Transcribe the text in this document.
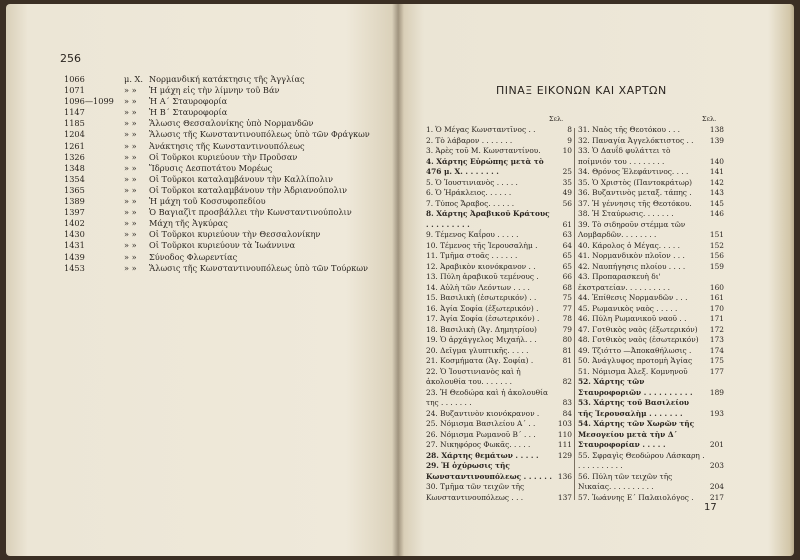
256
1066	μ. Χ. Νορμανδική κατάκτησις τῆς Ἀγγλίας
1071	» »	Ἡ μάχη εἰς τὴν λίμνην τοῦ Βάν
1096—1099	» »	Ἡ Α΄ Σταυροφορία
1147	» »	Ἡ Β΄ Σταυροφορία
1185	» »	Ἅλωσις Θεσσαλονίκης ὑπὸ Νορμανδῶν
1204	» »	Ἅλωσις τῆς Κωνσταντινουπόλεως ὑπὸ τῶν Φράγκων
1261	» »	Ἀνάκτησις τῆς Κωνσταντινουπόλεως
1326	» »	Οἱ Τοῦρκοι κυριεύουν τὴν Προῦσαν
1348	» »	Ἵδρυσις Δεσποτάτου Μορέως
1354	» »	Οἱ Τοῦρκοι καταλαμβάνουν τὴν Καλλίπολιν
1365	» »	Οἱ Τοῦρκοι καταλαμβάνουν τὴν Ἀδριανούπολιν
1389	» »	Ἡ μάχη τοῦ Κοσσυφοπεδίου
1397	» »	Ὁ Βαγιαζὶτ προσβάλλει τὴν Κωνσταντινούπολιν
1402	» »	Μάχη τῆς Ἀγκύρας
1430	» »	Οἱ Τοῦρκοι κυριεύουν τὴν Θεσσαλονίκην
1431	» »	Οἱ Τοῦρκοι κυριεύουν τὰ Ἰωάννινα
1439	» »	Σύνοδος Φλωρεντίας
1453	» »	Ἅλωσις τῆς Κωνσταντινουπόλεως ὑπὸ τῶν Τούρκων
ΠΙΝΑΞ ΕΙΚΟΝΩΝ ΚΑΙ ΧΑΡΤΩΝ
Σελ.	Σελ.
1. Ὁ Μέγας Κωνσταντῖνος . .	8
2. Τὸ λάβαρον . . . . . . .	9
3. Ἀρὲς τοῦ Μ. Κωνσταντίνου.	10
4. Χάρτης Εὐρώπης μετὰ τὸ 476 μ. Χ. . . . . . . .	25
5. Ὁ Ἰουστινιανὸς . . . . .	35
6. Ὁ Ἡράκλειος. . . . . .	49
7. Τύπος Ἄραβος. . . . . .	56
8. Χάρτης Ἀραβικοῦ Κράτους . . . . . . . . .	61
9. Τέμενος Καΐρου . . . . .	63
10. Τέμενος τῆς Ἱερουσαλὴμ .	64
11. Τμῆμα στοᾶς . . . . . .	65
12. Ἀραβικὸν κιονόκρανον . .	65
13. Πύλη ἀραβικοῦ τεμένους .	66
14. Αὐλὴ τῶν Λεόντων . . . .	68
15. Βασιλικὴ (ἐσωτερικόν) . .	75
16. Ἁγία Σοφία (ἐξωτερικόν) .	77
17. Ἁγία Σοφία (ἐσωτερικόν) .	78
18. Βασιλικὴ (Ἁγ. Δημητρίου)	79
19. Ὁ ἀρχάγγελος Μιχαήλ. . .	80
20. Δεῖγμα γλυπτικῆς. . . . .	81
21. Κοσμήματα (Ἁγ. Σοφία) .	81
22. Ὁ Ἰουστινιανὸς καὶ ἡ ἀκολουθία του. . . . . . .	82
23. Ἡ Θεοδώρα καὶ ἡ ἀκολουθία της . . . . . . .	83
24. Βυζαντινὸν κιονόκρανον .	84
25. Νόμισμα Βασιλείου Α΄ . .	103
26. Νόμισμα Ρωμανοῦ Β΄ . . .	110
27. Νικηφόρος Φωκᾶς. . . . .	111
28. Χάρτης θεμάτων . . . . .	129
29. Ἡ ὀχύρωσις τῆς Κωνσταντινουπόλεως . . . . . . 136
30. Τμῆμα τῶν τειχῶν τῆς Κωνσταντινουπόλεως . . .	137
31. Ναὸς τῆς Θεοτόκου . . .	138
32. Παναγία Ἀγγελόκτιστος . .	139
33. Ὁ Δαυΐδ φυλάττει τὸ ποίμνιόν του . . . . . . . .	140
34. Θρόνος Ἐλεφάντινος. . . .	141
35. Ὁ Χριστὸς (Παντοκράτωρ)	142
36. Βυζαντινὸς μεταξ. τάπης .	143
37. Ἡ γέννησις τῆς Θεοτόκου.	145
38. Ἡ Σταύρωσις. . . . . . .	146
39. Τὸ σιδηροῦν στέμμα τῶν Λομβαρδῶν. . . . . . . .	151
40. Κάρολος ὁ Μέγας. . . . .	152
41. Νορμανδικὸν πλοῖον . . .	156
42. Ναυπήγησις πλοίου . . . .	159
43. Προπαρασκευὴ δι' ἐκστρατείαν. . . . . . . . . .	160
44. Ἐπίθεσις Νορμανδῶν . . .	161
45. Ρωμανικὸς ναὸς . . . . .	170
46. Πύλη Ρωμανικοῦ ναοῦ . .	171
47. Γοτθικὸς ναὸς (ἐξωτερικόν)	172
48. Γοτθικὸς ναὸς (ἐσωτερικόν)	173
49. Τζιόττο —Ἀποκαθήλωσις .	174
50. Ἀνάγλυφος προτομὴ Ἁγίας	175
51. Νόμισμα Ἀλεξ. Κομνηνοῦ	177
52. Χάρτης τῶν Σταυροφοριῶν . . . . . . . . . .	189
53. Χάρτης τοῦ Βασιλείου τῆς Ἱερουσαλὴμ . . . . . . .	193
54. Χάρτης τῶν Χωρῶν τῆς Μεσογείου μετὰ τὴν Δ΄ Σταυροφορίαν . . . . .	201
55. Σφραγὶς Θεοδώρου Λάσκαρη . . . . . . . . . . .	203
56. Πύλη τῶν τειχῶν τῆς Νικαίας. . . . . . . . . .	204
57. Ἰωάννης Ε΄ Παλαιολόγος .	217
17
